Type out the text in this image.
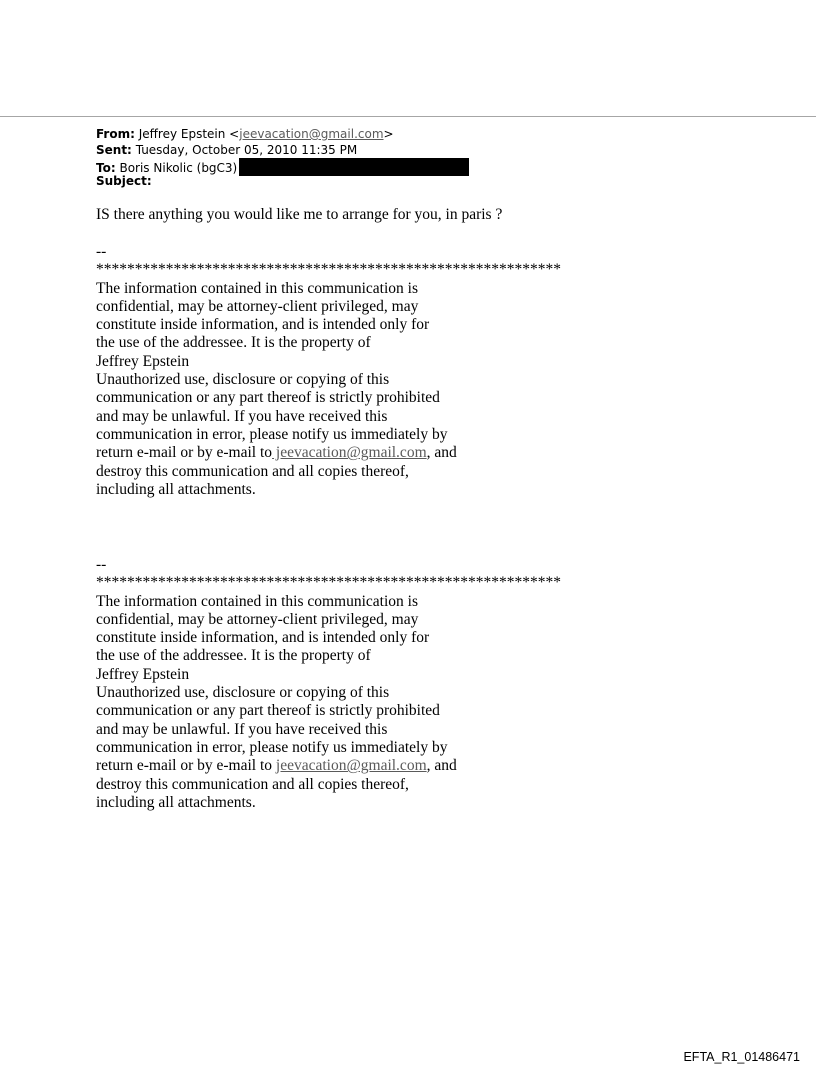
From: Jeffrey Epstein <jeevacation@gmail.com>
Sent: Tuesday, October 05, 2010 11:35 PM
To: Boris Nikolic (bgC3)
Subject:
IS there anything you would like me to arrange for you, in paris ?
--
************************************************************
The information contained in this communication is
confidential, may be attorney-client privileged, may
constitute inside information, and is intended only for
the use of the addressee. It is the property of
Jeffrey Epstein
Unauthorized use, disclosure or copying of this
communication or any part thereof is strictly prohibited
and may be unlawful. If you have received this
communication in error, please notify us immediately by
return e-mail or by e-mail to jeevacation@gmail.com, and
destroy this communication and all copies thereof,
including all attachments.
--
************************************************************
The information contained in this communication is
confidential, may be attorney-client privileged, may
constitute inside information, and is intended only for
the use of the addressee. It is the property of
Jeffrey Epstein
Unauthorized use, disclosure or copying of this
communication or any part thereof is strictly prohibited
and may be unlawful. If you have received this
communication in error, please notify us immediately by
return e-mail or by e-mail to jeevacation@gmail.com, and
destroy this communication and all copies thereof,
including all attachments.
EFTA_R1_01486471
